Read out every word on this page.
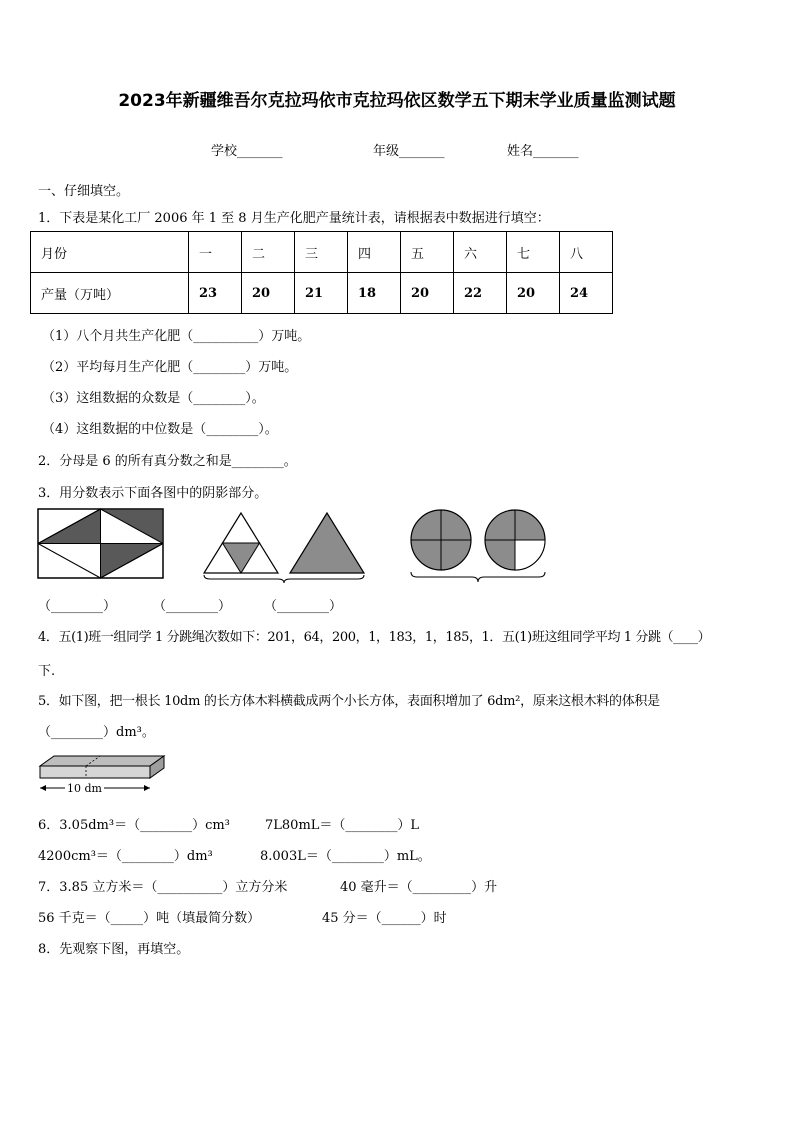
2023年新疆维吾尔克拉玛依市克拉玛依区数学五下期末学业质量监测试题
学校_______	年级_______	姓名_______
一、仔细填空。
1．下表是某化工厂 2006 年 1 至 8 月生产化肥产量统计表，请根据表中数据进行填空：
月份	一	二	三	四	五	六	七	八
产量（万吨）	23	20	21	18	20	22	20	24
（1）八个月共生产化肥（__________）万吨。
（2）平均每月生产化肥（________）万吨。
（3）这组数据的众数是（________）。
（4）这组数据的中位数是（________）。
2．分母是 6 的所有真分数之和是________。
3．用分数表示下面各图中的阴影部分。
（________）	（________）	（________）
4．五(1)班一组同学 1 分跳绳次数如下：201，64，200，1，183，1，185，1．五(1)班这组同学平均 1 分跳（____）
下.
5．如下图，把一根长 10dm 的长方体木料横截成两个小长方体，表面积增加了 6dm²，原来这根木料的体积是
（________）dm³。
10 dm
6．3.05dm³＝（________）cm³	7L80mL＝（________）L
4200cm³＝（________）dm³	8.003L＝（________）mL。
7．3.85 立方米＝（__________）立方分米	40 毫升＝（_________）升
56 千克＝（_____）吨（填最简分数）	45 分＝（______）时
8．先观察下图，再填空。
